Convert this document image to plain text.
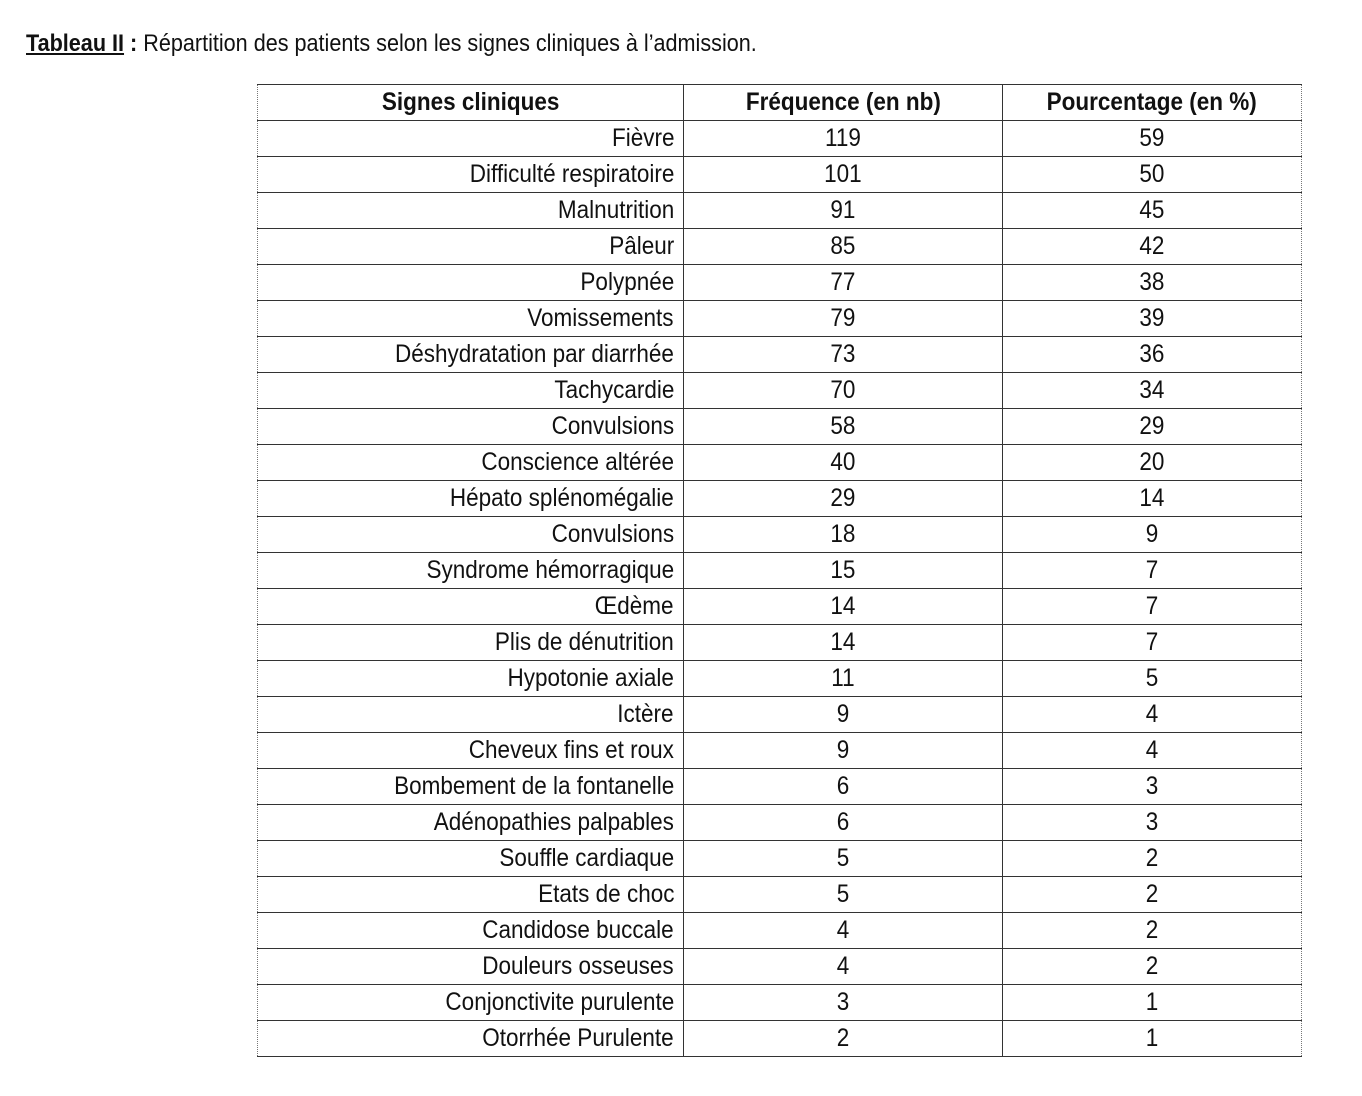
Tableau II : Répartition des patients selon les signes cliniques à l’admission.
Signes cliniques	Fréquence (en nb)	Pourcentage (en %)
Fièvre	119	59
Difficulté respiratoire	101	50
Malnutrition	91	45
Pâleur	85	42
Polypnée	77	38
Vomissements	79	39
Déshydratation par diarrhée	73	36
Tachycardie	70	34
Convulsions	58	29
Conscience altérée	40	20
Hépato splénomégalie	29	14
Convulsions	18	9
Syndrome hémorragique	15	7
Œdème	14	7
Plis de dénutrition	14	7
Hypotonie axiale	11	5
Ictère	9	4
Cheveux fins et roux	9	4
Bombement de la fontanelle	6	3
Adénopathies palpables	6	3
Souffle cardiaque	5	2
Etats de choc	5	2
Candidose buccale	4	2
Douleurs osseuses	4	2
Conjonctivite purulente	3	1
Otorrhée Purulente	2	1
